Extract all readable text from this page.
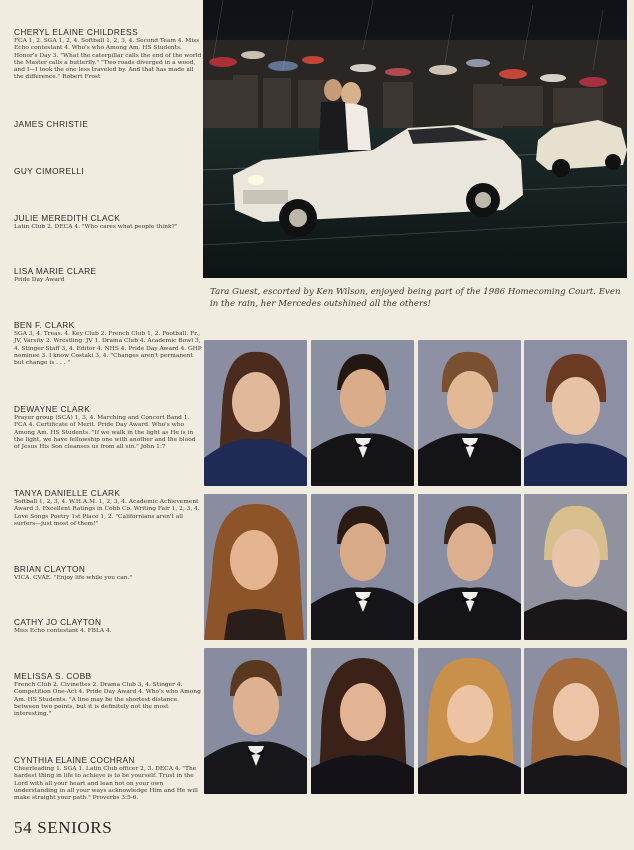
CHERYL ELAINE CHILDRESS
FCA 1, 2. SGA 1, 2, 4. Softball 1, 2, 3, 4. Second Team 4. Miss Echo contestant 4. Who's who Among Am. HS Students. Honor's Day 3. "What the caterpillar calls the end of the world the Master calls a butterfly." "Two roads diverged in a wood, and I—I took the one less traveled by. And that has made all the difference." Robert Frost
JAMES CHRISTIE
GUY CIMORELLI
JULIE MEREDITH CLACK
Latin Club 2. DECA 4. "Who cares what people think?"
LISA MARIE CLARE
Pride Day Award
BEN F. CLARK
SGA 3, 4. Treas. 4. Key Club 2. French Club 1, 2. Football. Fr., JV, Varsity 2. Wrestling: JV 1. Drama Club 4. Academic Bowl 3, 4. Stinger Staff 3, 4. Editor 4. NHS 4. Pride Day Award 4. GHP nominee 3. I know Costaki 3, 4. "Changes aren't permanent but change is . . . "
DEWAYNE CLARK
Prayer group (SCA) 1, 3, 4. Marching and Concert Band 1. FCA 4. Certificate of Merit. Pride Day Award. Who's who Among Am. HS Students. "If we walk in the light as He is in the light, we have fellowship one with another and the blood of Jesus His Son cleanses us from all sin." John 1:7
TANYA DANIELLE CLARK
Softball 1, 2, 3, 4. W.H.A.M. 1, 2, 3, 4. Academic Achievement Award 3. Excellent Ratings in Cobb Co. Writing Fair 1, 2, 3, 4. Love Songs Poetry 1st Place 1, 2. "Californians aren't all surfers—just most of them!"
BRIAN CLAYTON
VICA. CVAE. "Enjoy life while you can."
CATHY JO CLAYTON
Miss Echo contestant 4. FBLA 4.
MELISSA S. COBB
French Club 2. Civinettes 2. Drama Club 3, 4. Stinger 4. Competition One-Act 4. Pride Day Award 4. Who's who Among Am. HS Students. "A line may be the shortest distance between two points, but it is definitely not the most interesting."
CYNTHIA ELAINE COCHRAN
Cheerleading 1. SGA 1. Latin Club officer 2, 3. DECA 4. "The hardest thing in life to achieve is to be yourself. Trust in the Lord with all your heart and lean not on your own understanding in all your ways acknowledge Him and He will make straight your path." Proverbs 3:5-6.
Tara Guest, escorted by Ken Wilson, enjoyed being part of the 1986 Homecoming Court. Even in the rain, her Mercedes outshined all the others!
54 SENIORS
